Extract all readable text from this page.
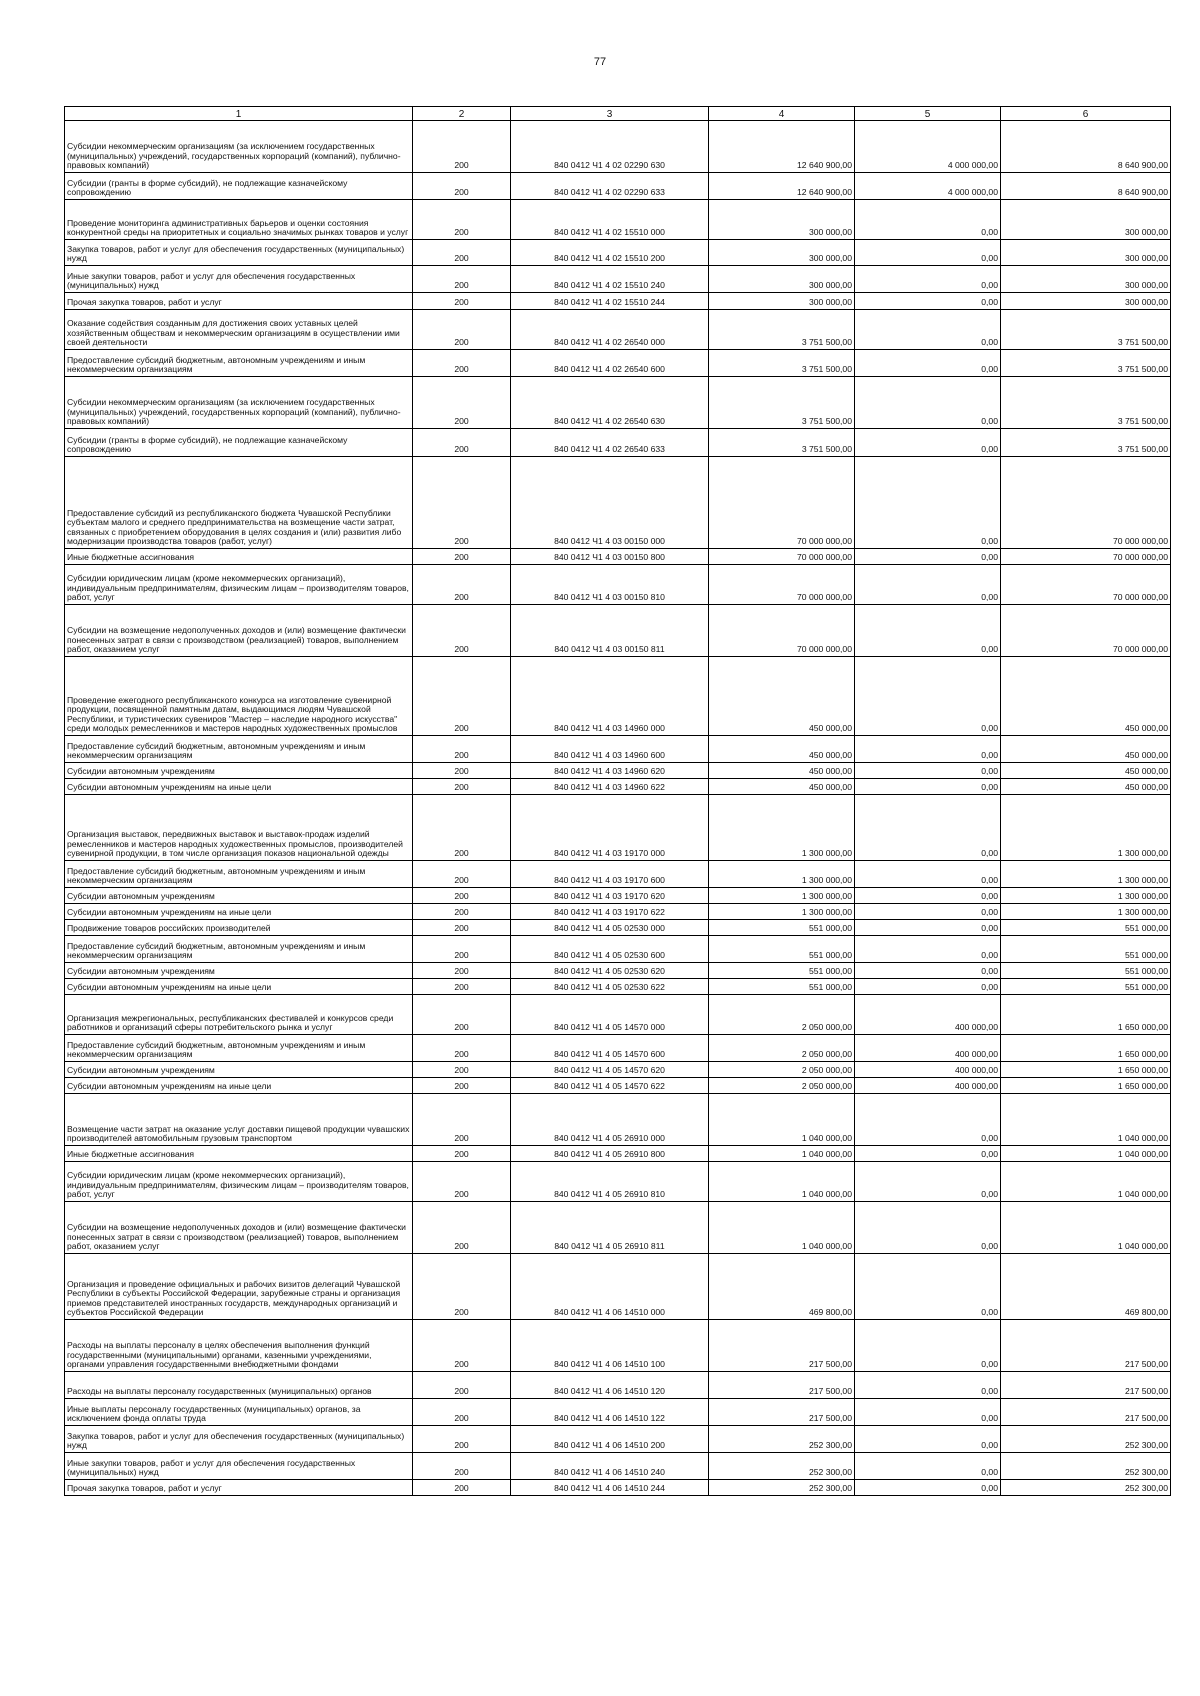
77
1	2	3	4	5	6
Субсидии некоммерческим организациям (за исключением государственных (муниципальных) учреждений, государственных корпораций (компаний), публично-правовых компаний)	200	840 0412 Ч1 4 02 02290 630	12 640 900,00	4 000 000,00	8 640 900,00
Субсидии (гранты в форме субсидий), не подлежащие казначейскому сопровождению	200	840 0412 Ч1 4 02 02290 633	12 640 900,00	4 000 000,00	8 640 900,00
Проведение мониторинга административных барьеров и оценки состояния конкурентной среды на приоритетных и социально значимых рынках товаров и услуг	200	840 0412 Ч1 4 02 15510 000	300 000,00	0,00	300 000,00
Закупка товаров, работ и услуг для обеспечения государственных (муниципальных) нужд	200	840 0412 Ч1 4 02 15510 200	300 000,00	0,00	300 000,00
Иные закупки товаров, работ и услуг для обеспечения государственных (муниципальных) нужд	200	840 0412 Ч1 4 02 15510 240	300 000,00	0,00	300 000,00
Прочая закупка товаров, работ и услуг	200	840 0412 Ч1 4 02 15510 244	300 000,00	0,00	300 000,00
Оказание содействия созданным для достижения своих уставных целей хозяйственным обществам и некоммерческим организациям в осуществлении ими своей деятельности	200	840 0412 Ч1 4 02 26540 000	3 751 500,00	0,00	3 751 500,00
Предоставление субсидий бюджетным, автономным учреждениям и иным некоммерческим организациям	200	840 0412 Ч1 4 02 26540 600	3 751 500,00	0,00	3 751 500,00
Субсидии некоммерческим организациям (за исключением государственных (муниципальных) учреждений, государственных корпораций (компаний), публично-правовых компаний)	200	840 0412 Ч1 4 02 26540 630	3 751 500,00	0,00	3 751 500,00
Субсидии (гранты в форме субсидий), не подлежащие казначейскому сопровождению	200	840 0412 Ч1 4 02 26540 633	3 751 500,00	0,00	3 751 500,00
Предоставление субсидий из республиканского бюджета Чувашской Республики субъектам малого и среднего предпринимательства на возмещение части затрат, связанных с приобретением оборудования в целях создания и (или) развития либо модернизации производства товаров (работ, услуг)	200	840 0412 Ч1 4 03 00150 000	70 000 000,00	0,00	70 000 000,00
Иные бюджетные ассигнования	200	840 0412 Ч1 4 03 00150 800	70 000 000,00	0,00	70 000 000,00
Субсидии юридическим лицам (кроме некоммерческих организаций), индивидуальным предпринимателям, физическим лицам – производителям товаров, работ, услуг	200	840 0412 Ч1 4 03 00150 810	70 000 000,00	0,00	70 000 000,00
Субсидии на возмещение недополученных доходов и (или) возмещение фактически понесенных затрат в связи с производством (реализацией) товаров, выполнением работ, оказанием услуг	200	840 0412 Ч1 4 03 00150 811	70 000 000,00	0,00	70 000 000,00
Проведение ежегодного республиканского конкурса на изготовление сувенирной продукции, посвященной памятным датам, выдающимся людям Чувашской Республики, и туристических сувениров "Мастер – наследие народного искусства" среди молодых ремесленников и мастеров народных художественных промыслов	200	840 0412 Ч1 4 03 14960 000	450 000,00	0,00	450 000,00
Предоставление субсидий бюджетным, автономным учреждениям и иным некоммерческим организациям	200	840 0412 Ч1 4 03 14960 600	450 000,00	0,00	450 000,00
Субсидии автономным учреждениям	200	840 0412 Ч1 4 03 14960 620	450 000,00	0,00	450 000,00
Субсидии автономным учреждениям на иные цели	200	840 0412 Ч1 4 03 14960 622	450 000,00	0,00	450 000,00
Организация выставок, передвижных выставок и выставок-продаж изделий ремесленников и мастеров народных художественных промыслов, производителей сувенирной продукции, в том числе организация показов национальной одежды	200	840 0412 Ч1 4 03 19170 000	1 300 000,00	0,00	1 300 000,00
Предоставление субсидий бюджетным, автономным учреждениям и иным некоммерческим организациям	200	840 0412 Ч1 4 03 19170 600	1 300 000,00	0,00	1 300 000,00
Субсидии автономным учреждениям	200	840 0412 Ч1 4 03 19170 620	1 300 000,00	0,00	1 300 000,00
Субсидии автономным учреждениям на иные цели	200	840 0412 Ч1 4 03 19170 622	1 300 000,00	0,00	1 300 000,00
Продвижение товаров российских производителей	200	840 0412 Ч1 4 05 02530 000	551 000,00	0,00	551 000,00
Предоставление субсидий бюджетным, автономным учреждениям и иным некоммерческим организациям	200	840 0412 Ч1 4 05 02530 600	551 000,00	0,00	551 000,00
Субсидии автономным учреждениям	200	840 0412 Ч1 4 05 02530 620	551 000,00	0,00	551 000,00
Субсидии автономным учреждениям на иные цели	200	840 0412 Ч1 4 05 02530 622	551 000,00	0,00	551 000,00
Организация межрегиональных, республиканских фестивалей и конкурсов среди работников и организаций сферы потребительского рынка и услуг	200	840 0412 Ч1 4 05 14570 000	2 050 000,00	400 000,00	1 650 000,00
Предоставление субсидий бюджетным, автономным учреждениям и иным некоммерческим организациям	200	840 0412 Ч1 4 05 14570 600	2 050 000,00	400 000,00	1 650 000,00
Субсидии автономным учреждениям	200	840 0412 Ч1 4 05 14570 620	2 050 000,00	400 000,00	1 650 000,00
Субсидии автономным учреждениям на иные цели	200	840 0412 Ч1 4 05 14570 622	2 050 000,00	400 000,00	1 650 000,00
Возмещение части затрат на оказание услуг доставки пищевой продукции чувашских производителей автомобильным грузовым транспортом	200	840 0412 Ч1 4 05 26910 000	1 040 000,00	0,00	1 040 000,00
Иные бюджетные ассигнования	200	840 0412 Ч1 4 05 26910 800	1 040 000,00	0,00	1 040 000,00
Субсидии юридическим лицам (кроме некоммерческих организаций), индивидуальным предпринимателям, физическим лицам – производителям товаров, работ, услуг	200	840 0412 Ч1 4 05 26910 810	1 040 000,00	0,00	1 040 000,00
Субсидии на возмещение недополученных доходов и (или) возмещение фактически понесенных затрат в связи с производством (реализацией) товаров, выполнением работ, оказанием услуг	200	840 0412 Ч1 4 05 26910 811	1 040 000,00	0,00	1 040 000,00
Организация и проведение официальных и рабочих визитов делегаций Чувашской Республики в субъекты Российской Федерации, зарубежные страны и организация приемов представителей иностранных государств, международных организаций и субъектов Российской Федерации	200	840 0412 Ч1 4 06 14510 000	469 800,00	0,00	469 800,00
Расходы на выплаты персоналу в целях обеспечения выполнения функций государственными (муниципальными) органами, казенными учреждениями, органами управления государственными внебюджетными фондами	200	840 0412 Ч1 4 06 14510 100	217 500,00	0,00	217 500,00
Расходы на выплаты персоналу государственных (муниципальных) органов	200	840 0412 Ч1 4 06 14510 120	217 500,00	0,00	217 500,00
Иные выплаты персоналу государственных (муниципальных) органов, за исключением фонда оплаты труда	200	840 0412 Ч1 4 06 14510 122	217 500,00	0,00	217 500,00
Закупка товаров, работ и услуг для обеспечения государственных (муниципальных) нужд	200	840 0412 Ч1 4 06 14510 200	252 300,00	0,00	252 300,00
Иные закупки товаров, работ и услуг для обеспечения государственных (муниципальных) нужд	200	840 0412 Ч1 4 06 14510 240	252 300,00	0,00	252 300,00
Прочая закупка товаров, работ и услуг	200	840 0412 Ч1 4 06 14510 244	252 300,00	0,00	252 300,00
